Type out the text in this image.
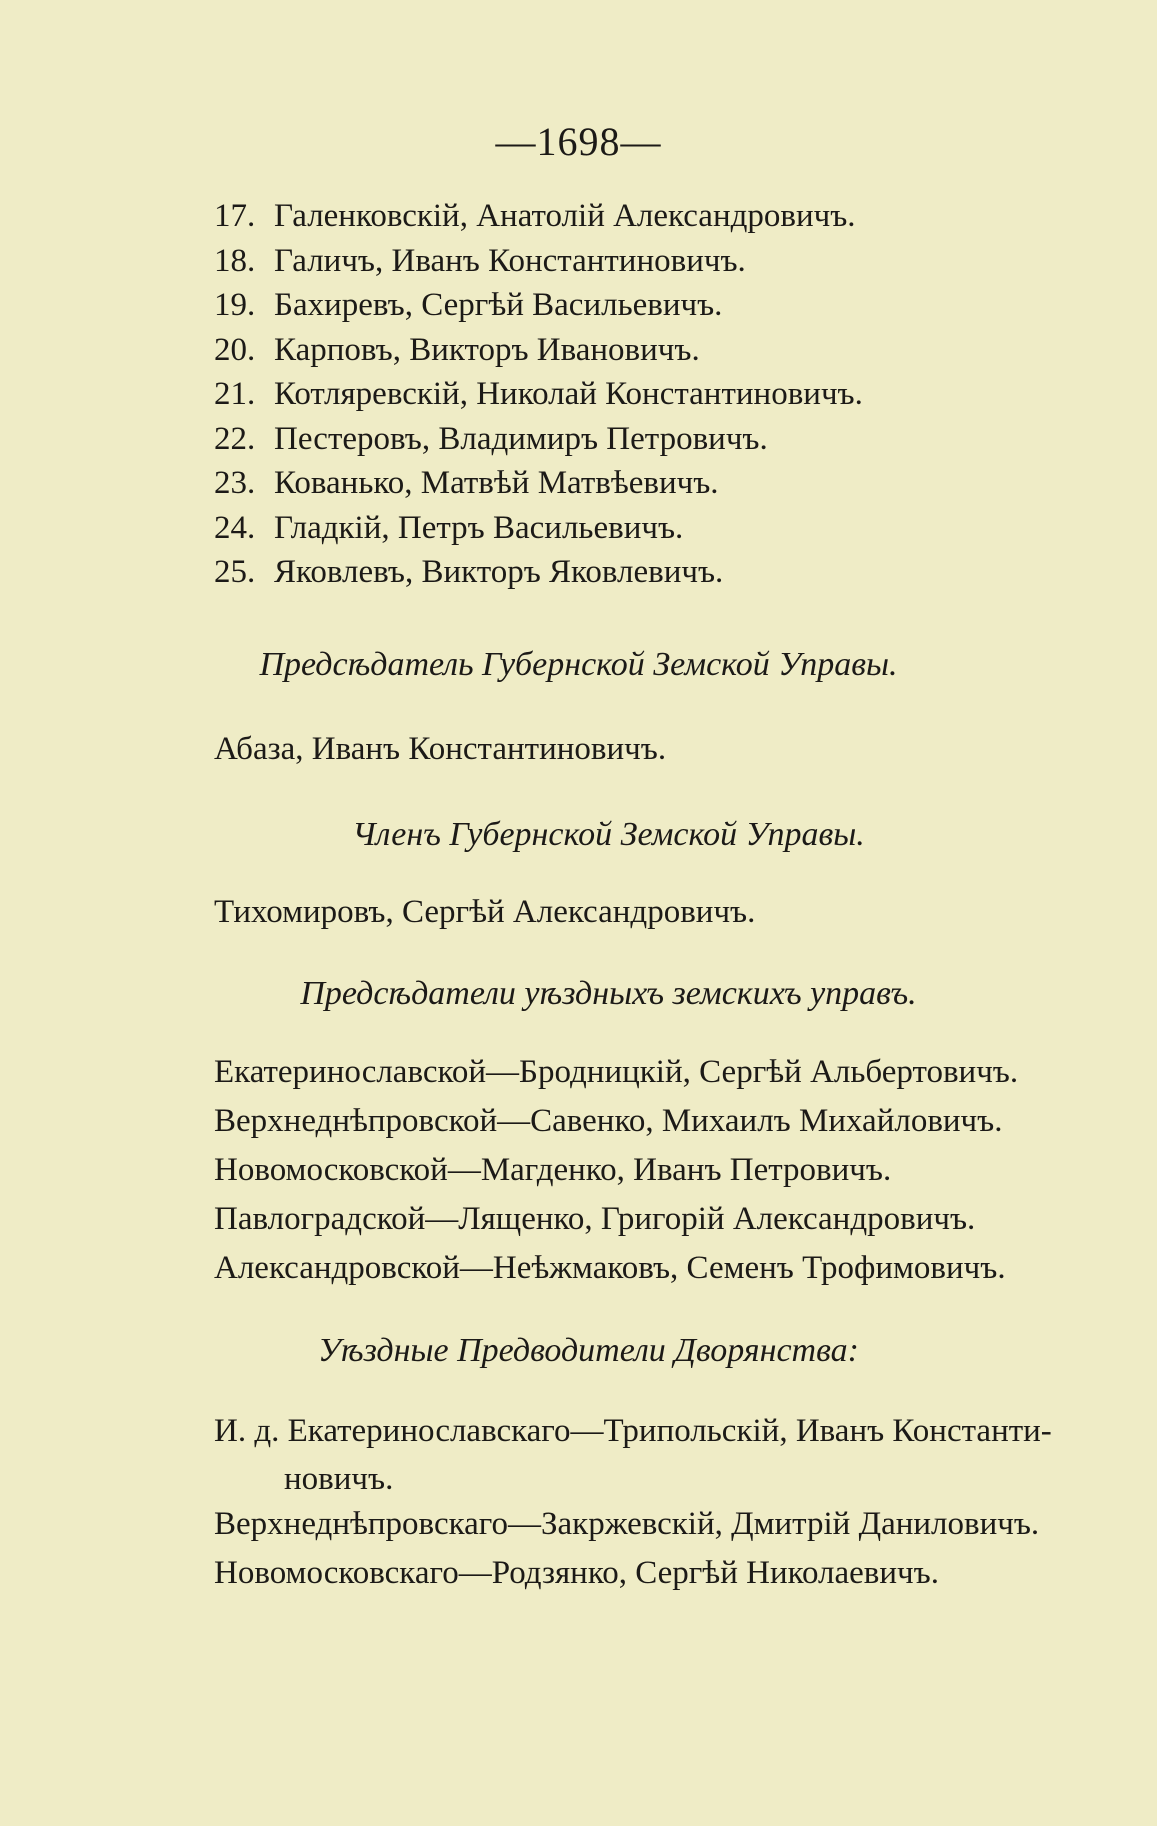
—1698—
17. Галенковскій, Анатолій Александровичъ.
18. Галичъ, Иванъ Константиновичъ.
19. Бахиревъ, Сергѣй Васильевичъ.
20. Карповъ, Викторъ Ивановичъ.
21. Котляревскій, Николай Константиновичъ.
22. Пестеровъ, Владимиръ Петровичъ.
23. Кованько, Матвѣй Матвѣевичъ.
24. Гладкій, Петръ Васильевичъ.
25. Яковлевъ, Викторъ Яковлевичъ.
Предсѣдатель Губернской Земской Управы.
Абаза, Иванъ Константиновичъ.
Членъ Губернской Земской Управы.
Тихомировъ, Сергѣй Александровичъ.
Предсѣдатели уѣздныхъ земскихъ управъ.
Екатеринославской—Бродницкій, Сергѣй Альбертовичъ.
Верхнеднѣпровской—Савенко, Михаилъ Михайловичъ.
Новомосковской—Магденко, Иванъ Петровичъ.
Павлоградской—Лященко, Григорій Александровичъ.
Александровской—Неѣжмаковъ, Семенъ Трофимовичъ.
Уѣздные Предводители Дворянства:
И. д. Екатеринославскаго—Трипольскій, Иванъ Константи-
новичъ.
Верхнеднѣпровскаго—Закржевскій, Дмитрій Даниловичъ.
Новомосковскаго—Родзянко, Сергѣй Николаевичъ.
